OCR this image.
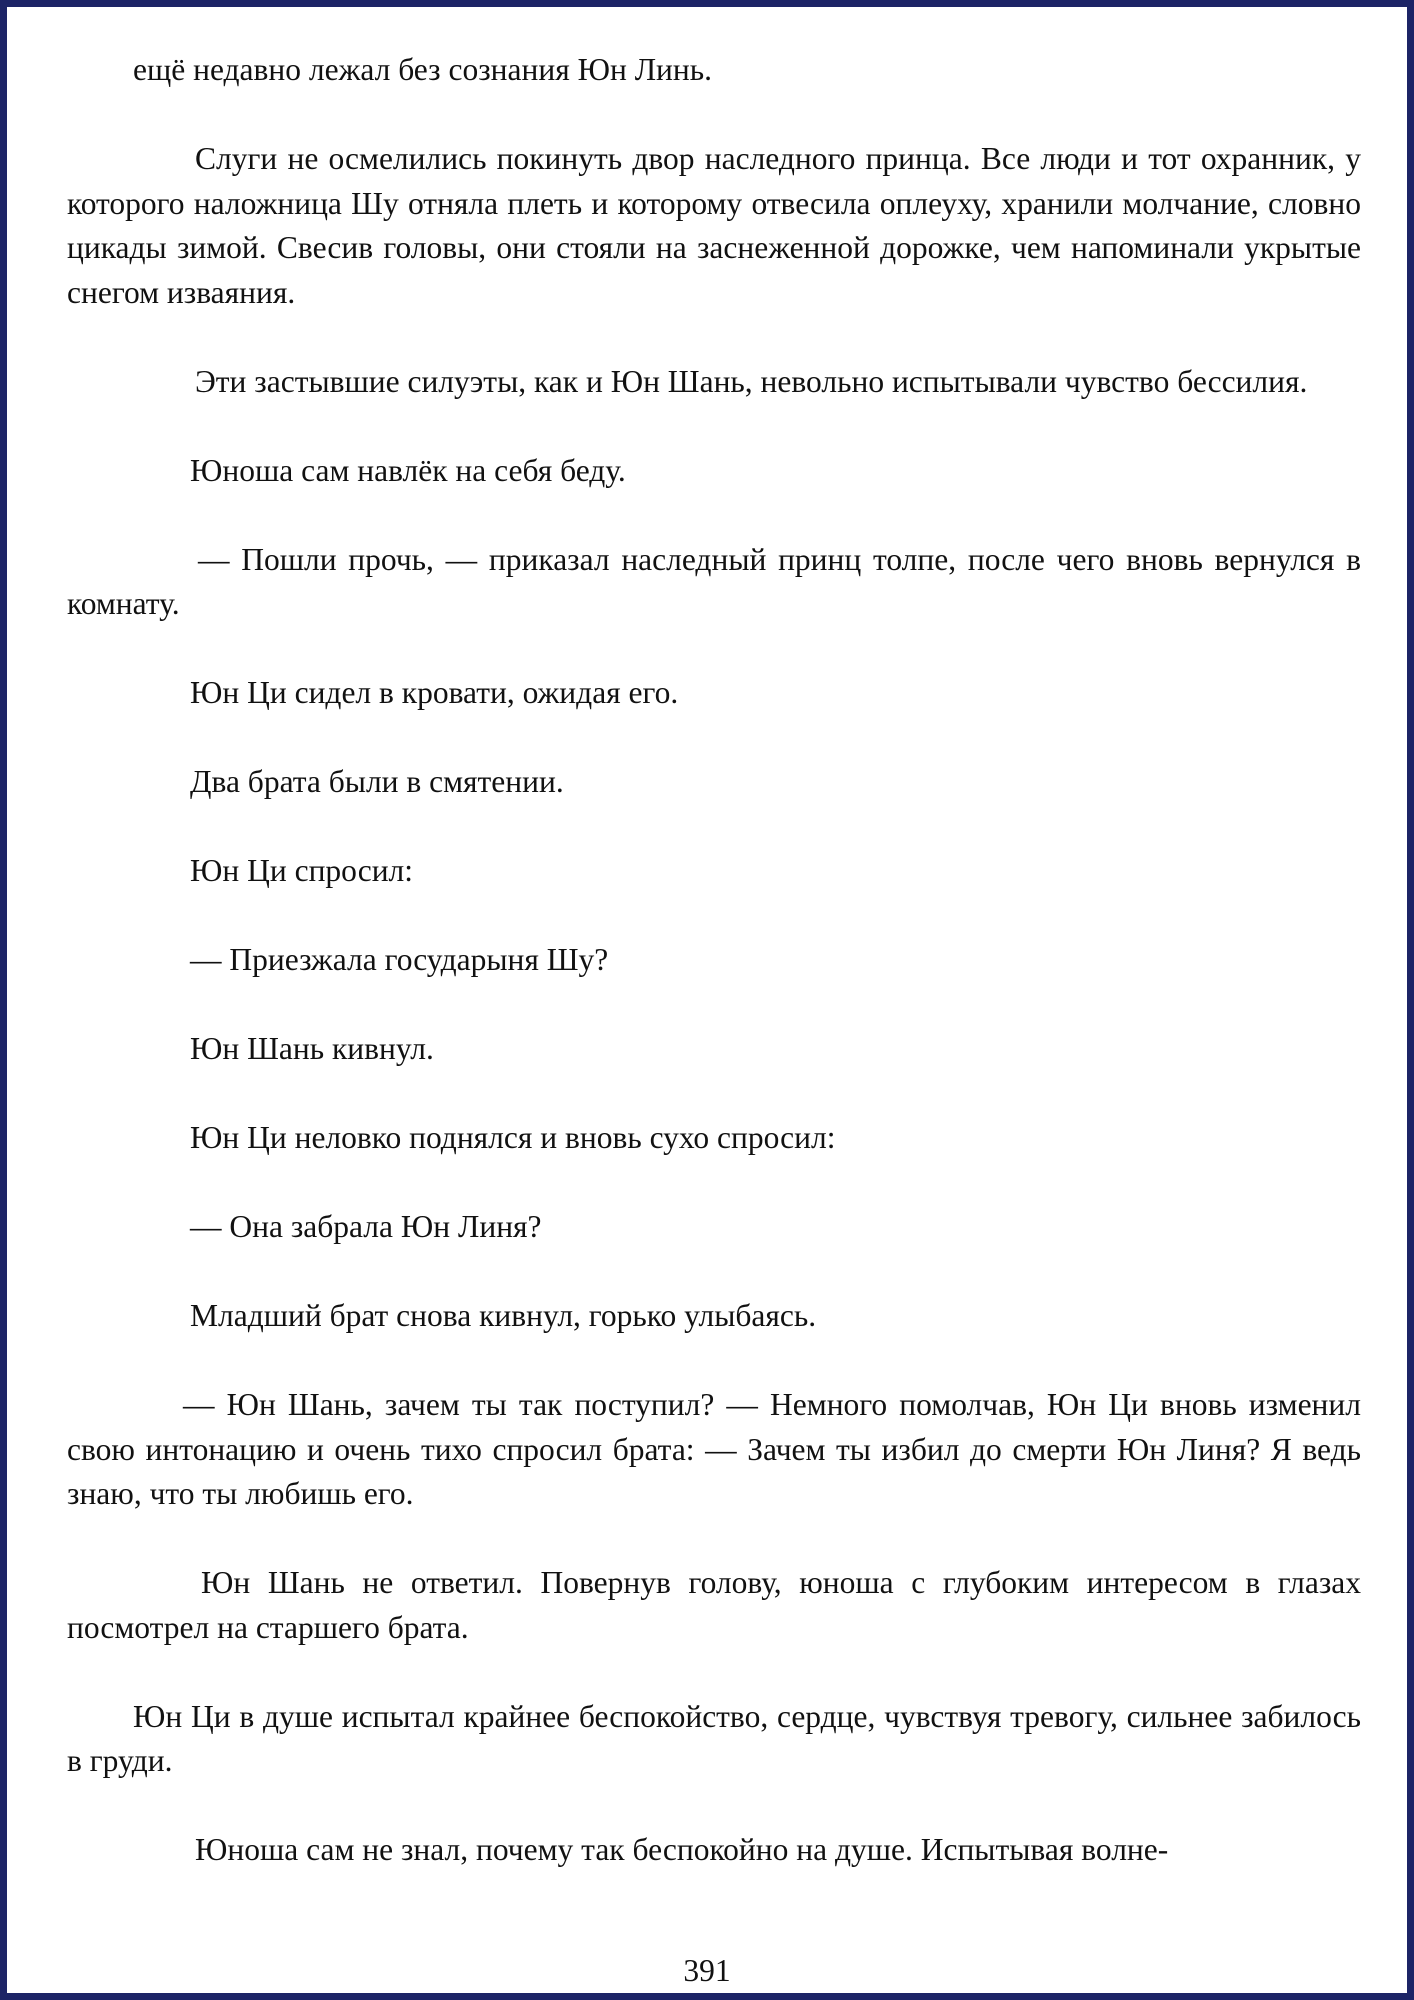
ещё недавно лежал без сознания Юн Линь.

Слуги не осмелились покинуть двор наследного принца. Все люди и тот охранник, у которого наложница Шу отняла плеть и которому отвесила оплеуху, хранили молчание, словно цикады зимой. Свесив головы, они стояли на заснеженной дорожке, чем напоминали укрытые снегом изваяния.

Эти застывшие силуэты, как и Юн Шань, невольно испытывали чувство бессилия.

Юноша сам навлёк на себя беду.

— Пошли прочь, — приказал наследный принц толпе, после чего вновь вернулся в комнату.

Юн Ци сидел в кровати, ожидая его.

Два брата были в смятении.

Юн Ци спросил:

— Приезжала государыня Шу?

Юн Шань кивнул.

Юн Ци неловко поднялся и вновь сухо спросил:

— Она забрала Юн Линя?

Младший брат снова кивнул, горько улыбаясь.

— Юн Шань, зачем ты так поступил? — Немного помолчав, Юн Ци вновь изменил свою интонацию и очень тихо спросил брата: — Зачем ты избил до смерти Юн Линя? Я ведь знаю, что ты любишь его.

Юн Шань не ответил. Повернув голову, юноша с глубоким интересом в глазах посмотрел на старшего брата.

Юн Ци в душе испытал крайнее беспокойство, сердце, чувствуя тревогу, сильнее забилось в груди.

Юноша сам не знал, почему так беспокойно на душе. Испытывая волне-

391
